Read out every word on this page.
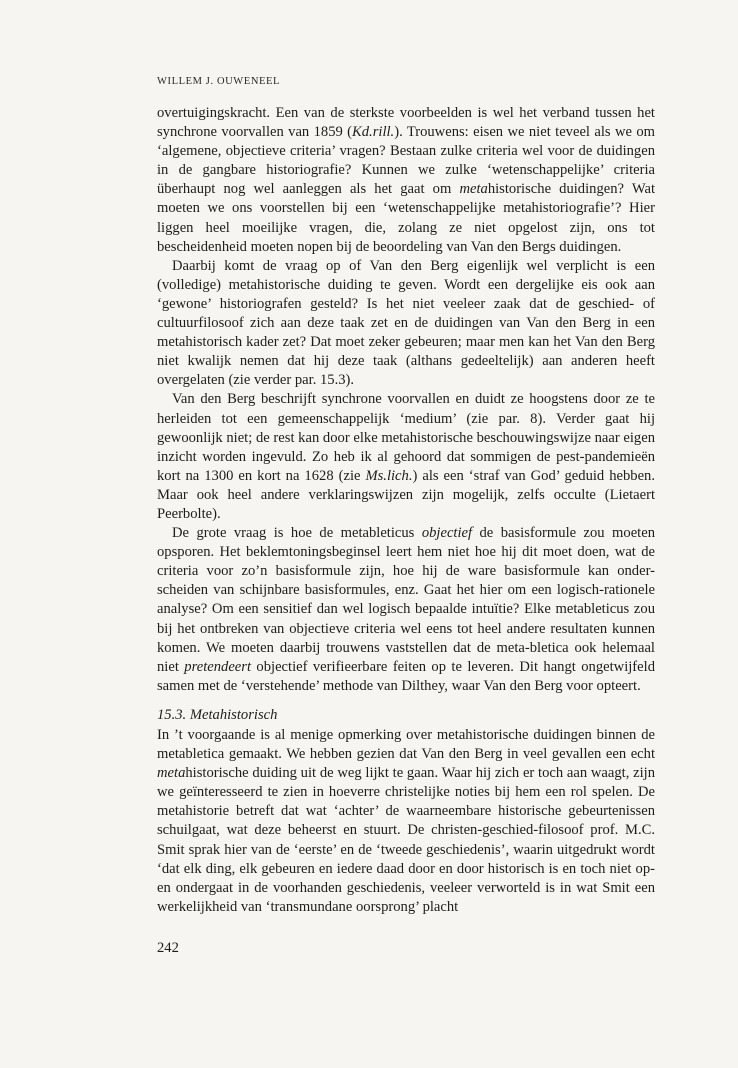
WILLEM J. OUWENEEL

overtuigingskracht. Een van de sterkste voorbeelden is wel het verband tussen het synchrone voorvallen van 1859 (Kd.rill.). Trouwens: eisen we niet teveel als we om ‘algemene, objectieve criteria’ vragen? Bestaan zulke criteria wel voor de duidingen in de gangbare historiografie? Kunnen we zulke ‘wetenschappelijke’ criteria überhaupt nog wel aanleggen als het gaat om metahistorische duidingen? Wat moeten we ons voorstellen bij een ‘wetenschappelijke metahistoriografie’? Hier liggen heel moeilijke vragen, die, zolang ze niet opgelost zijn, ons tot bescheidenheid moeten nopen bij de beoordeling van Van den Bergs duidingen.

Daarbij komt de vraag op of Van den Berg eigenlijk wel verplicht is een (volledige) metahistorische duiding te geven. Wordt een dergelijke eis ook aan ‘gewone’ historiografen gesteld? Is het niet veeleer zaak dat de geschied- of cultuurfilosoof zich aan deze taak zet en de duidingen van Van den Berg in een metahistorisch kader zet? Dat moet zeker gebeuren; maar men kan het Van den Berg niet kwalijk nemen dat hij deze taak (althans gedeeltelijk) aan anderen heeft overgelaten (zie verder par. 15.3).

Van den Berg beschrijft synchrone voorvallen en duidt ze hoogstens door ze te herleiden tot een gemeenschappelijk ‘medium’ (zie par. 8). Verder gaat hij gewoonlijk niet; de rest kan door elke metahistorische beschouwingswijze naar eigen inzicht worden ingevuld. Zo heb ik al gehoord dat sommigen de pest-pandemieën kort na 1300 en kort na 1628 (zie Ms.lich.) als een ‘straf van God’ geduid hebben. Maar ook heel andere verklaringswijzen zijn mogelijk, zelfs occulte (Lietaert Peerbolte).

De grote vraag is hoe de metableticus objectief de basisformule zou moeten opsporen. Het beklemtoningsbeginsel leert hem niet hoe hij dit moet doen, wat de criteria voor zo’n basisformule zijn, hoe hij de ware basisformule kan onder-scheiden van schijnbare basisformules, enz. Gaat het hier om een logisch-rationele analyse? Om een sensitief dan wel logisch bepaalde intuïtie? Elke metableticus zou bij het ontbreken van objectieve criteria wel eens tot heel andere resultaten kunnen komen. We moeten daarbij trouwens vaststellen dat de meta-bletica ook helemaal niet pretendeert objectief verifieerbare feiten op te leveren. Dit hangt ongetwijfeld samen met de ‘verstehende’ methode van Dilthey, waar Van den Berg voor opteert.

15.3. Metahistorisch

In ’t voorgaande is al menige opmerking over metahistorische duidingen binnen de metabletica gemaakt. We hebben gezien dat Van den Berg in veel gevallen een echt metahistorische duiding uit de weg lijkt te gaan. Waar hij zich er toch aan waagt, zijn we geïnteresseerd te zien in hoeverre christelijke noties bij hem een rol spelen. De metahistorie betreft dat wat ‘achter’ de waarneembare historische gebeurtenissen schuilgaat, wat deze beheerst en stuurt. De christen-geschied-filosoof prof. M.C. Smit sprak hier van de ‘eerste’ en de ‘tweede geschiedenis’, waarin uitgedrukt wordt ‘dat elk ding, elk gebeuren en iedere daad door en door historisch is en toch niet op- en ondergaat in de voorhanden geschiedenis, veeleer verworteld is in wat Smit een werkelijkheid van ‘transmundane oorsprong’ placht

242
